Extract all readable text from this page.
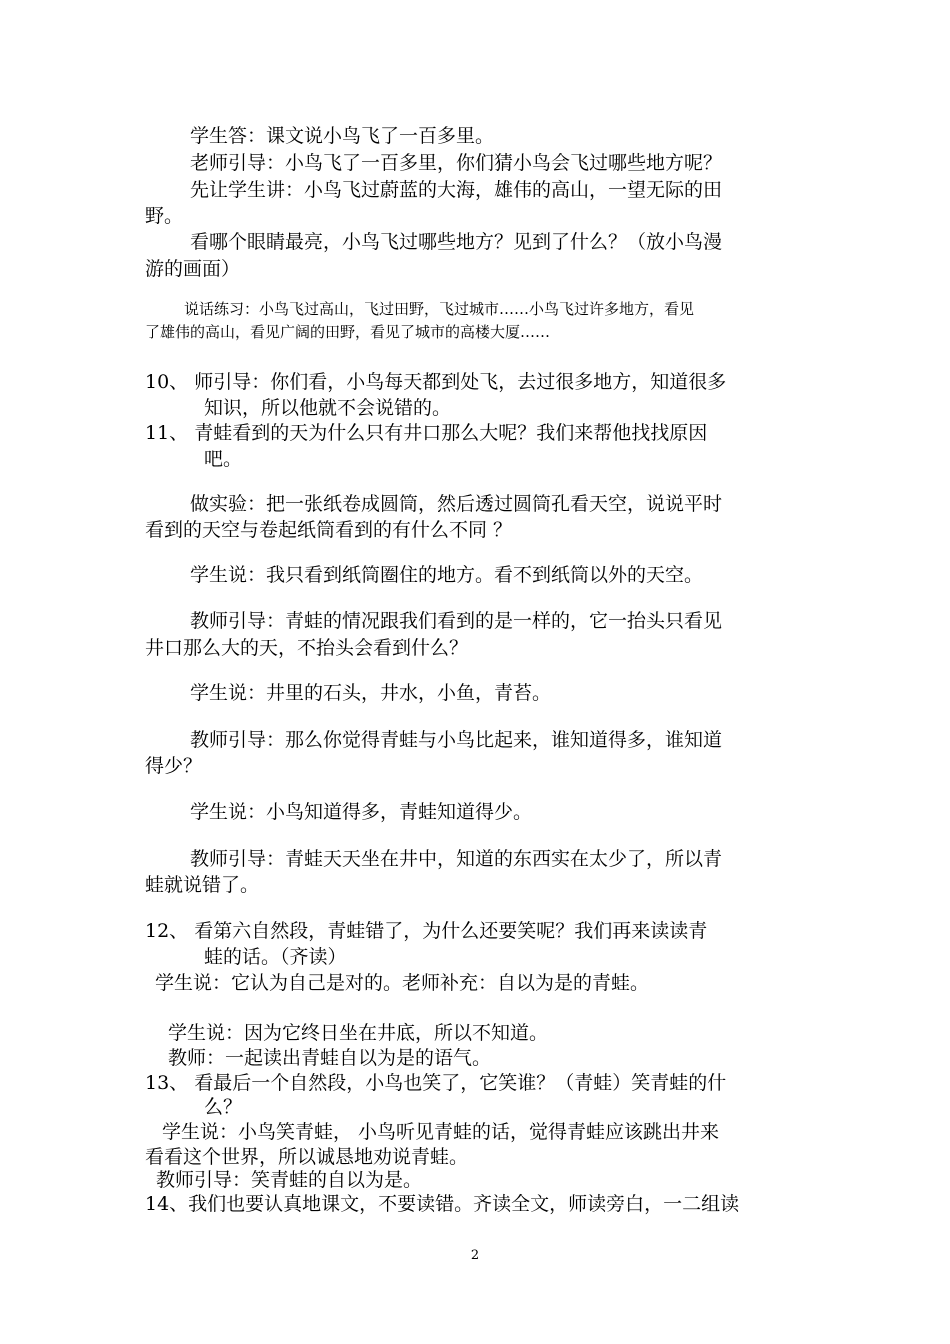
学生答：课文说小鸟飞了一百多里。
老师引导：小鸟飞了一百多里，你们猜小鸟会飞过哪些地方呢？
先让学生讲：小鸟飞过蔚蓝的大海，雄伟的高山，一望无际的田
野。
看哪个眼睛最亮，小鸟飞过哪些地方？见到了什么？（放小鸟漫
游的画面）
说话练习：小鸟飞过高山，飞过田野，飞过城市……小鸟飞过许多地方，看见
了雄伟的高山，看见广阔的田野，看见了城市的高楼大厦……
10、 师引导：你们看，小鸟每天都到处飞，去过很多地方，知道很多
知识，所以他就不会说错的。
11、 青蛙看到的天为什么只有井口那么大呢？我们来帮他找找原因
吧。
做实验：把一张纸卷成圆筒，然后透过圆筒孔看天空，说说平时
看到的天空与卷起纸筒看到的有什么不同 ？
学生说：我只看到纸筒圈住的地方。看不到纸筒以外的天空。
教师引导：青蛙的情况跟我们看到的是一样的，它一抬头只看见
井口那么大的天，不抬头会看到什么？
学生说：井里的石头，井水，小鱼，青苔。
教师引导：那么你觉得青蛙与小鸟比起来，谁知道得多，谁知道
得少？
学生说：小鸟知道得多，青蛙知道得少。
教师引导：青蛙天天坐在井中，知道的东西实在太少了，所以青
蛙就说错了。
12、 看第六自然段，青蛙错了，为什么还要笑呢？我们再来读读青
蛙的话。（齐读）
学生说：它认为自己是对的。老师补充：自以为是的青蛙。
学生说：因为它终日坐在井底，所以不知道。
教师：一起读出青蛙自以为是的语气。
13、 看最后一个自然段，小鸟也笑了，它笑谁？（青蛙）笑青蛙的什
么？
学生说：小鸟笑青蛙， 小鸟听见青蛙的话，觉得青蛙应该跳出井来
看看这个世界，所以诚恳地劝说青蛙。
教师引导：笑青蛙的自以为是。
14、我们也要认真地课文，不要读错。齐读全文，师读旁白，一二组读
2
